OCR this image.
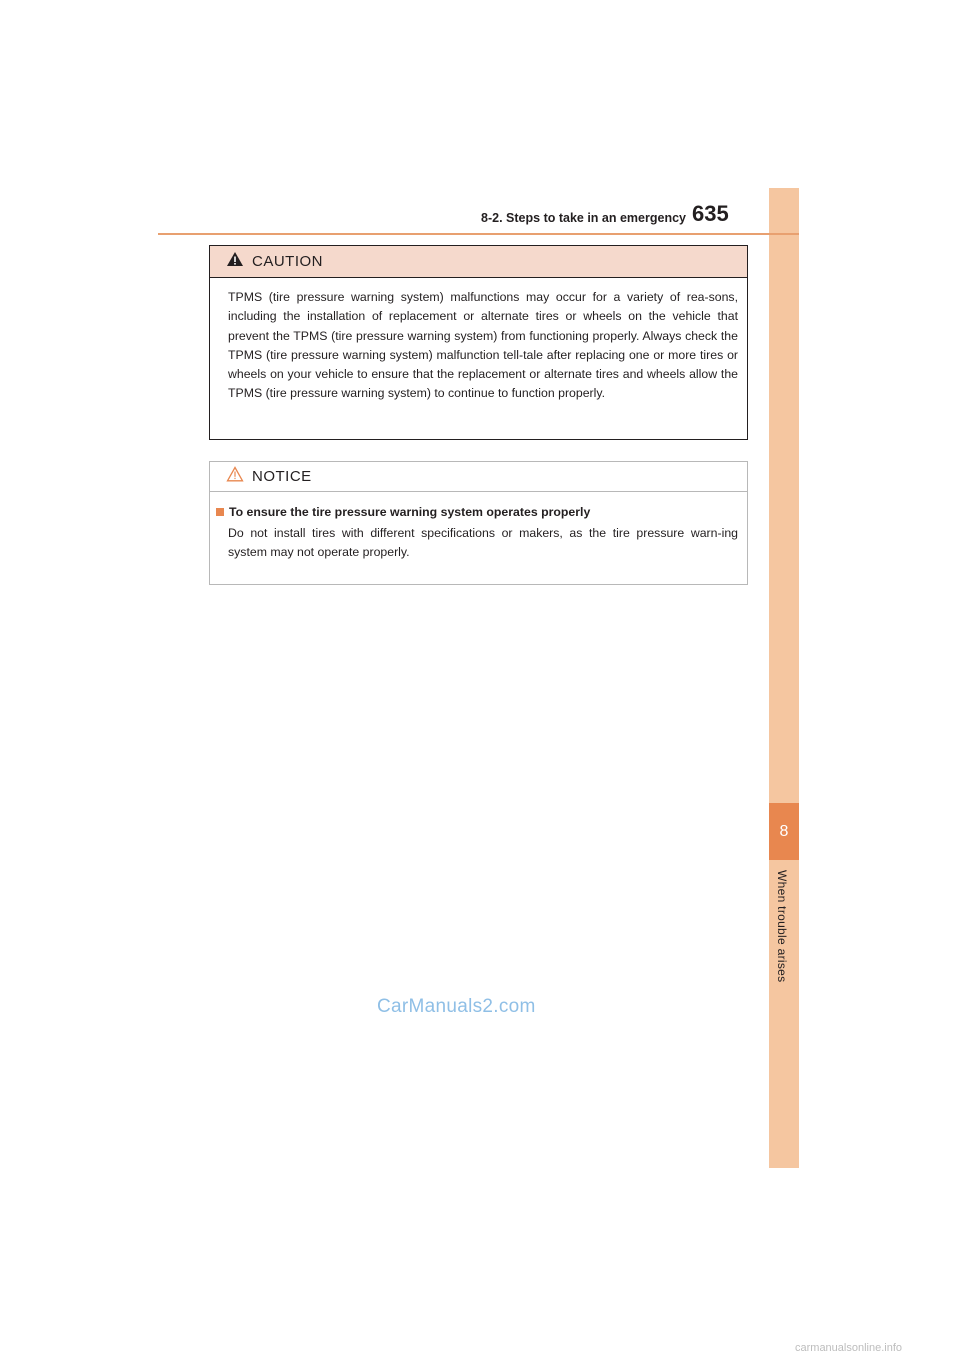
8
When trouble arises
8-2. Steps to take in an emergency 635
CAUTION
TPMS (tire pressure warning system) malfunctions may occur for a variety of rea-sons, including the installation of replacement or alternate tires or wheels on the vehicle that prevent the TPMS (tire pressure warning system) from functioning properly. Always check the TPMS (tire pressure warning system) malfunction tell-tale after replacing one or more tires or wheels on your vehicle to ensure that the replacement or alternate tires and wheels allow the TPMS (tire pressure warning system) to continue to function properly.
NOTICE
To ensure the tire pressure warning system operates properly
Do not install tires with different specifications or makers, as the tire pressure warn-ing system may not operate properly.
CarManuals2.com
carmanualsonline.info
